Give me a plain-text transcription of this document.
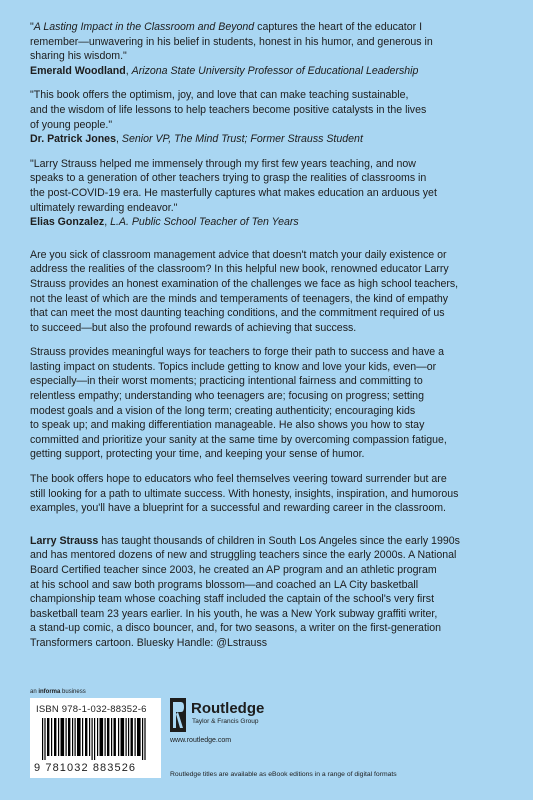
"A Lasting Impact in the Classroom and Beyond captures the heart of the educator I

remember—unwavering in his belief in students, honest in his humor, and generous in

sharing his wisdom."

Emerald Woodland, Arizona State University Professor of Educational Leadership

"This book offers the optimism, joy, and love that can make teaching sustainable,

and the wisdom of life lessons to help teachers become positive catalysts in the lives

of young people."

Dr. Patrick Jones, Senior VP, The Mind Trust; Former Strauss Student

"Larry Strauss helped me immensely through my first few years teaching, and now

speaks to a generation of other teachers trying to grasp the realities of classrooms in

the post-COVID-19 era. He masterfully captures what makes education an arduous yet

ultimately rewarding endeavor."

Elias Gonzalez, L.A. Public School Teacher of Ten Years
Are you sick of classroom management advice that doesn't match your daily existence or
address the realities of the classroom? In this helpful new book, renowned educator Larry
Strauss provides an honest examination of the challenges we face as high school teachers,
not the least of which are the minds and temperaments of teenagers, the kind of empathy
that can meet the most daunting teaching conditions, and the commitment required of us
to succeed—but also the profound rewards of achieving that success.
Strauss provides meaningful ways for teachers to forge their path to success and have a
lasting impact on students. Topics include getting to know and love your kids, even—or
especially—in their worst moments; practicing intentional fairness and committing to
relentless empathy; understanding who teenagers are; focusing on progress; setting
modest goals and a vision of the long term; creating authenticity; encouraging kids
to speak up; and making differentiation manageable. He also shows you how to stay
committed and prioritize your sanity at the same time by overcoming compassion fatigue,
getting support, protecting your time, and keeping your sense of humor.
The book offers hope to educators who feel themselves veering toward surrender but are
still looking for a path to ultimate success. With honesty, insights, inspiration, and humorous
examples, you'll have a blueprint for a successful and rewarding career in the classroom.
Larry Strauss has taught thousands of children in South Los Angeles since the early 1990s
and has mentored dozens of new and struggling teachers since the early 2000s. A National
Board Certified teacher since 2003, he created an AP program and an athletic program
at his school and saw both programs blossom—and coached an LA City basketball
championship team whose coaching staff included the captain of the school's very first
basketball team 23 years earlier. In his youth, he was a New York subway graffiti writer,
a stand-up comic, a disco bouncer, and, for two seasons, a writer on the first-generation
Transformers cartoon. Bluesky Handle: @Lstrauss
an informa business
ISBN 978-1-032-88352-6
9 781032 883526
Routledge
Taylor & Francis Group
www.routledge.com
Routledge titles are available as eBook editions in a range of digital formats
